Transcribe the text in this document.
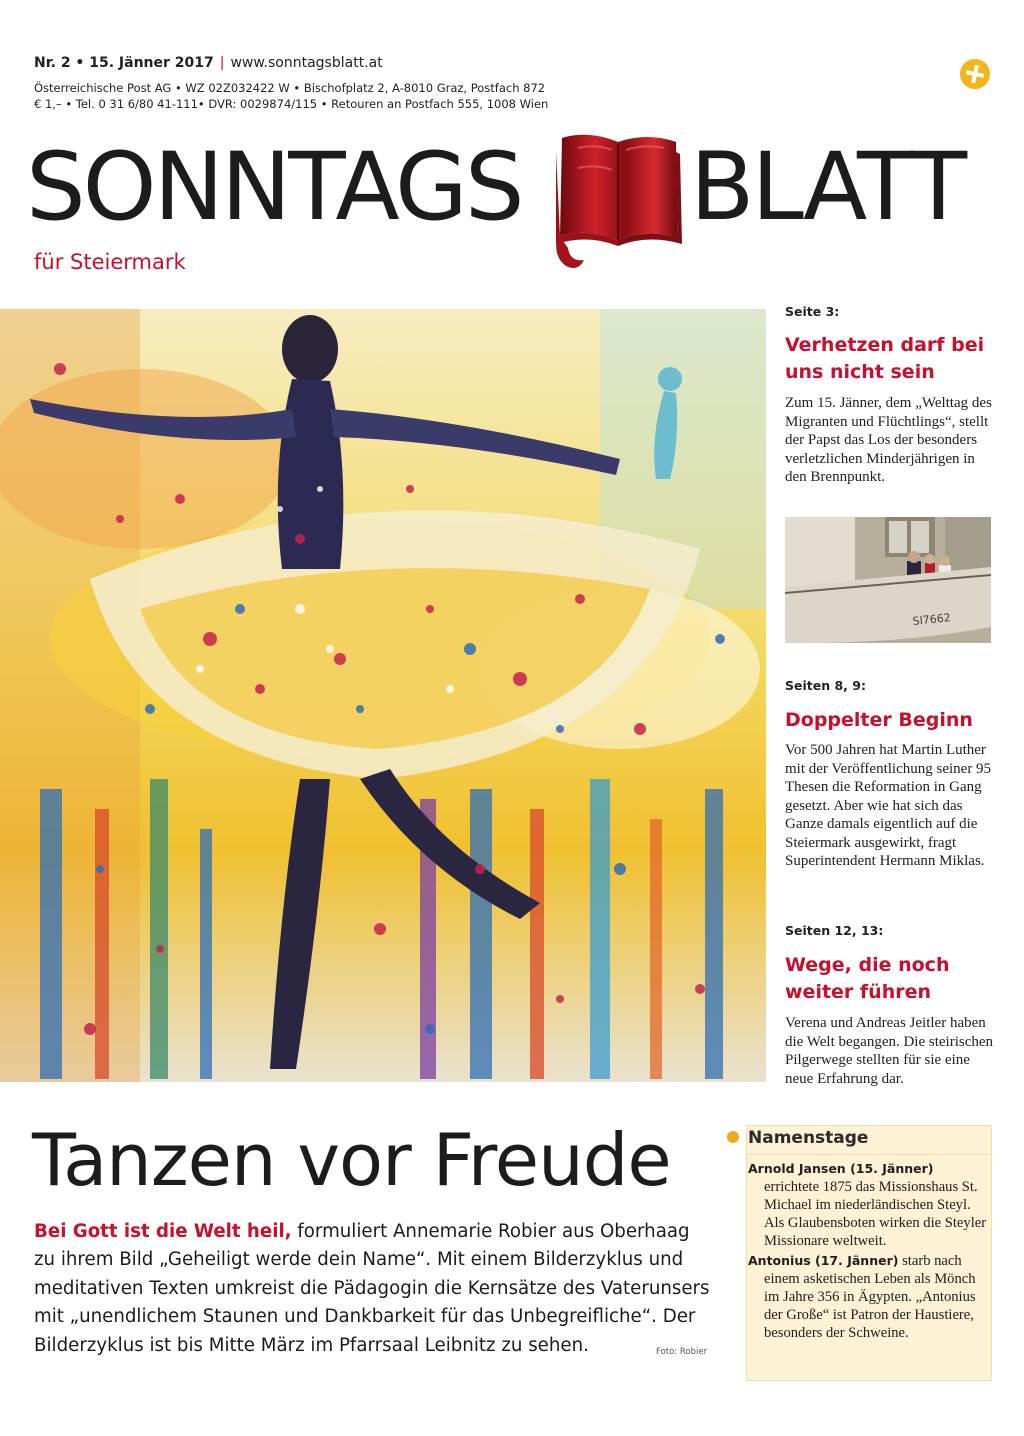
Nr. 2 • 15. Jänner 2017 | www.sonntagsblatt.at
Österreichische Post AG • WZ 02Z032422 W • Bischofplatz 2, A-8010 Graz, Postfach 872
€ 1,– • Tel. 0 31 6/80 41-111• DVR: 0029874/115 • Retouren an Postfach 555, 1008 Wien
SONNTAGS BLATT
für Steiermark
Seite 3:
Verhetzen darf bei uns nicht sein
Zum 15. Jänner, dem „Welttag des Migranten und Flüchtlings“, stellt der Papst das Los der besonders verletzlichen Minderjährigen in den Brennpunkt.
SI7662
Seiten 8, 9:
Doppelter Beginn
Vor 500 Jahren hat Martin Luther mit der Veröffentlichung seiner 95 Thesen die Reformation in Gang gesetzt. Aber wie hat sich das Ganze damals eigentlich auf die Steiermark ausgewirkt, fragt Superintendent Hermann Miklas.
Seiten 12, 13:
Wege, die noch weiter führen
Verena und Andreas Jeitler haben die Welt begangen. Die steirischen Pilgerwege stellten für sie eine neue Erfahrung dar.
Tanzen vor Freude
Bei Gott ist die Welt heil, formuliert Annemarie Robier aus Oberhaag zu ihrem Bild „Geheiligt werde dein Name“. Mit einem Bilderzyklus und meditativen Texten umkreist die Pädagogin die Kernsätze des Vaterunsers mit „unendlichem Staunen und Dankbarkeit für das Unbegreifliche“. Der Bilderzyklus ist bis Mitte März im Pfarrsaal Leibnitz zu sehen.	Foto: Robier
Namenstage

Arnold Jansen (15. Jänner) errichtete 1875 das Missionshaus St. Michael im niederländischen Steyl. Als Glaubensboten wirken die Steyler Missionare weltweit.

Antonius (17. Jänner) starb nach einem asketischen Leben als Mönch im Jahre 356 in Ägypten. „Antonius der Große“ ist Patron der Haustiere, besonders der Schweine.
